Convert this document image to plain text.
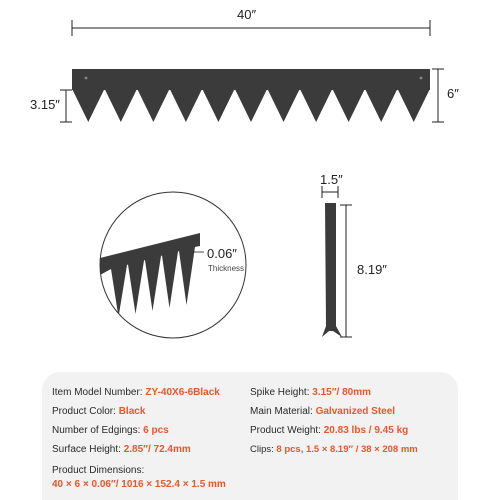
40″
6″
3.15″
0.06″
Thickness
1.5″
8.19″
Item Model Number: ZY-40X6-6Black
Product Color: Black
Number of Edgings: 6 pcs
Surface Height: 2.85″/ 72.4mm
Spike Height: 3.15″/ 80mm
Main Material: Galvanized Steel
Product Weight: 20.83 lbs / 9.45 kg
Clips: 8 pcs, 1.5 × 8.19″ / 38 × 208 mm
Product Dimensions:
40 × 6 × 0.06″/ 1016 × 152.4 × 1.5 mm
